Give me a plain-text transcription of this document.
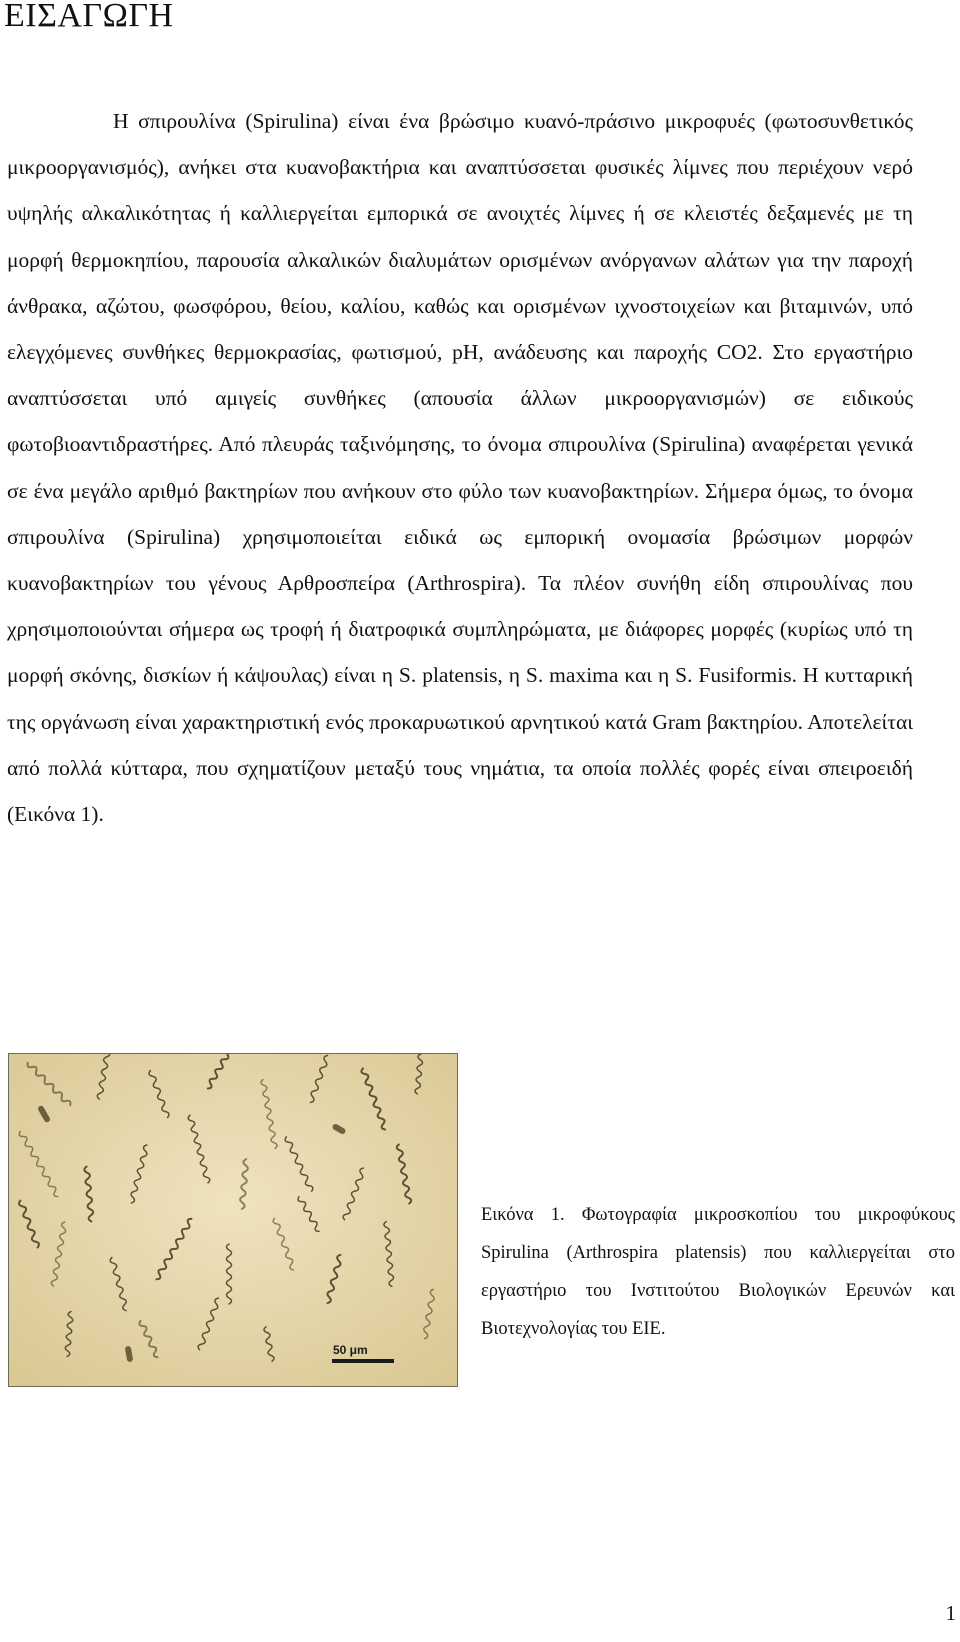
ΕΙΣΑΓΩΓΗ

Η σπιρουλίνα (Spirulina) είναι ένα βρώσιμο κυανό-πράσινο μικροφυές (φωτοσυνθετικός μικροοργανισμός), ανήκει στα κυανοβακτήρια και αναπτύσσεται φυσικές λίμνες που περιέχουν νερό υψηλής αλκαλικότητας ή καλλιεργείται εμπορικά σε ανοιχτές λίμνες ή σε κλειστές δεξαμενές με τη μορφή θερμοκηπίου, παρουσία αλκαλικών διαλυμάτων ορισμένων ανόργανων αλάτων για την παροχή άνθρακα, αζώτου, φωσφόρου, θείου, καλίου, καθώς και ορισμένων ιχνοστοιχείων και βιταμινών, υπό ελεγχόμενες συνθήκες θερμοκρασίας, φωτισμού, pH, ανάδευσης και παροχής CO2. Στο εργαστήριο αναπτύσσεται υπό αμιγείς συνθήκες (απουσία άλλων μικροοργανισμών) σε ειδικούς φωτοβιοαντιδραστήρες. Από πλευράς ταξινόμησης, το όνομα σπιρουλίνα (Spirulina) αναφέρεται γενικά σε ένα μεγάλο αριθμό βακτηρίων που ανήκουν στο φύλο των κυανοβακτηρίων. Σήμερα όμως, το όνομα σπιρουλίνα (Spirulina) χρησιμοποιείται ειδικά ως εμπορική ονομασία βρώσιμων μορφών κυανοβακτηρίων του γένους Αρθροσπείρα (Arthrospira). Τα πλέον συνήθη είδη σπιρουλίνας που χρησιμοποιούνται σήμερα ως τροφή ή διατροφικά συμπληρώματα, με διάφορες μορφές (κυρίως υπό τη μορφή σκόνης, δισκίων ή κάψουλας) είναι η S. platensis, η S. maxima και η S. Fusiformis. Η κυτταρική της οργάνωση είναι χαρακτηριστική ενός προκαρυωτικού αρνητικού κατά Gram βακτηρίου. Αποτελείται από πολλά κύτταρα, που σχηματίζουν μεταξύ τους νημάτια, τα οποία πολλές φορές είναι σπειροειδή (Εικόνα 1).

50 μm

Εικόνα 1. Φωτογραφία μικροσκοπίου του μικροφύκους Spirulina (Arthrospira platensis) που καλλιεργείται στο εργαστήριο του Ινστιτούτου Βιολογικών Ερευνών και Βιοτεχνολογίας του ΕΙΕ.

1
